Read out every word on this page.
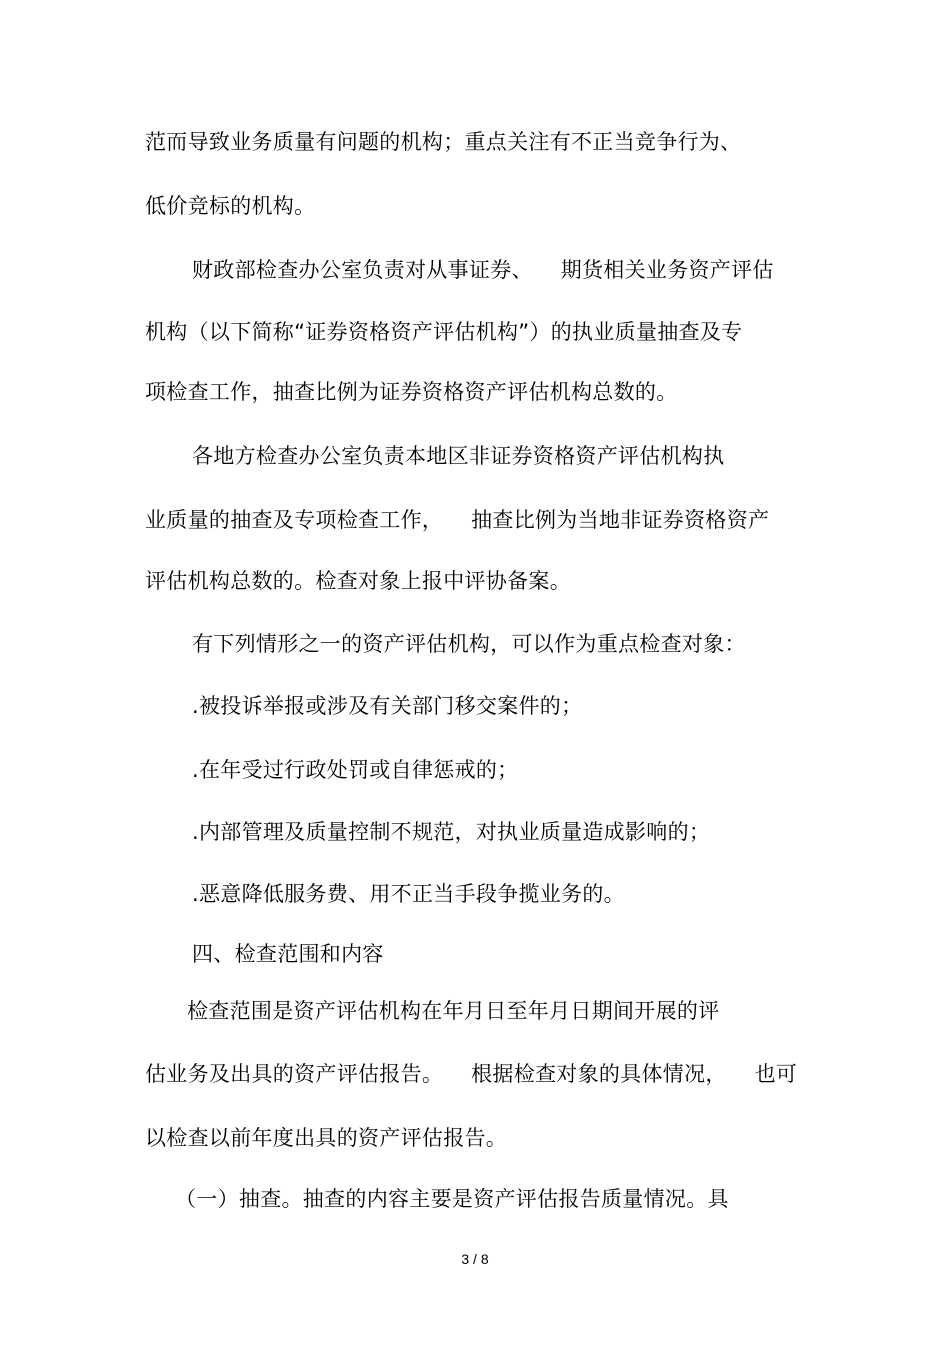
范而导致业务质量有问题的机构；重点关注有不正当竞争行为、
低价竞标的机构。
财政部检查办公室负责对从事证券、    期货相关业务资产评估
机构（以下简称“证券资格资产评估机构”）的执业质量抽查及专
项检查工作，抽查比例为证券资格资产评估机构总数的。
各地方检查办公室负责本地区非证券资格资产评估机构执
业质量的抽查及专项检查工作，    抽查比例为当地非证券资格资产
评估机构总数的。检查对象上报中评协备案。
有下列情形之一的资产评估机构，可以作为重点检查对象：
.被投诉举报或涉及有关部门移交案件的；
.在年受过行政处罚或自律惩戒的；
.内部管理及质量控制不规范，对执业质量造成影响的；
.恶意降低服务费、用不正当手段争揽业务的。
四、检查范围和内容
检查范围是资产评估机构在年月日至年月日期间开展的评
估业务及出具的资产评估报告。    根据检查对象的具体情况，    也可
以检查以前年度出具的资产评估报告。
（一）抽查。抽查的内容主要是资产评估报告质量情况。具
3 / 8
